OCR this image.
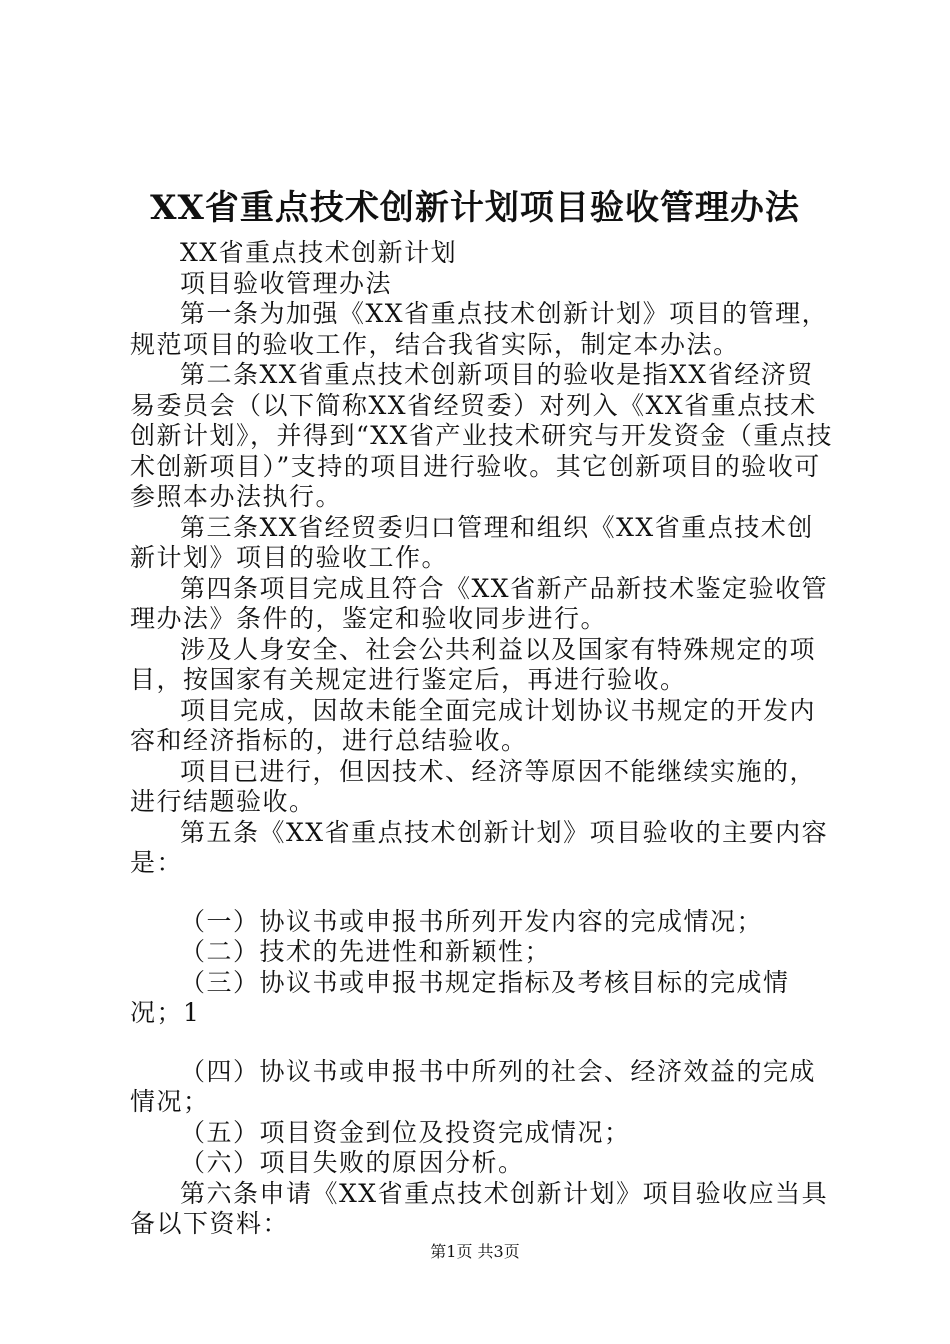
XX省重点技术创新计划项目验收管理办法

XX省重点技术创新计划

项目验收管理办法

第一条为加强《XX省重点技术创新计划》项目的管理，规范项目的验收工作，结合我省实际，制定本办法。

第二条XX省重点技术创新项目的验收是指XX省经济贸易委员会（以下简称XX省经贸委）对列入《XX省重点技术创新计划》，并得到“XX省产业技术研究与开发资金（重点技术创新项目）”支持的项目进行验收。其它创新项目的验收可参照本办法执行。

第三条XX省经贸委归口管理和组织《XX省重点技术创新计划》项目的验收工作。

第四条项目完成且符合《XX省新产品新技术鉴定验收管理办法》条件的，鉴定和验收同步进行。

涉及人身安全、社会公共利益以及国家有特殊规定的项目，按国家有关规定进行鉴定后，再进行验收。

项目完成，因故未能全面完成计划协议书规定的开发内容和经济指标的，进行总结验收。

项目已进行，但因技术、经济等原因不能继续实施的，进行结题验收。

第五条《XX省重点技术创新计划》项目验收的主要内容是：

（一）协议书或申报书所列开发内容的完成情况；

（二）技术的先进性和新颖性；

（三）协议书或申报书规定指标及考核目标的完成情况；1

（四）协议书或申报书中所列的社会、经济效益的完成情况；

（五）项目资金到位及投资完成情况；

（六）项目失败的原因分析。

第六条申请《XX省重点技术创新计划》项目验收应当具备以下资料：

第1页 共3页
